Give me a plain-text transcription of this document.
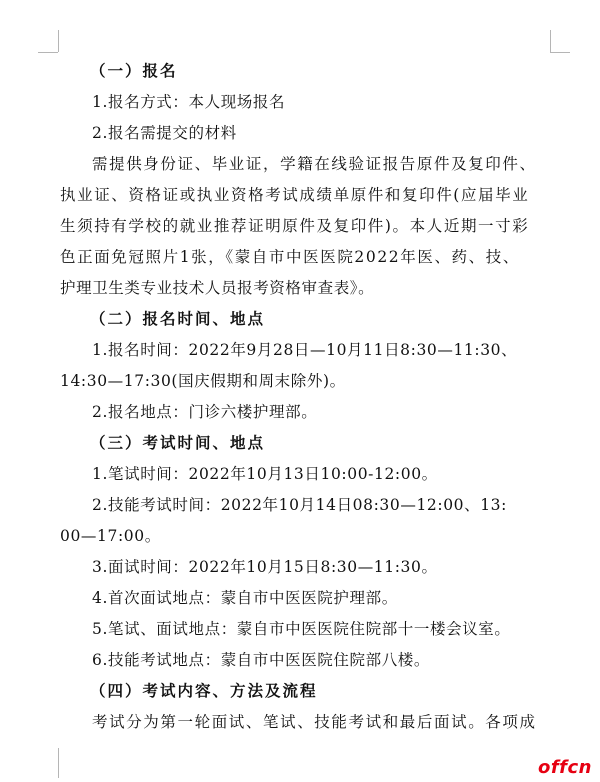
（一）报名
1.报名方式：本人现场报名
2.报名需提交的材料
需提供身份证、毕业证，学籍在线验证报告原件及复印件、
执业证、资格证或执业资格考试成绩单原件和复印件(应届毕业
生须持有学校的就业推荐证明原件及复印件)。本人近期一寸彩
色正面免冠照片1张，《蒙自市中医医院2022年医、药、技、
护理卫生类专业技术人员报考资格审查表》。
（二）报名时间、地点
1.报名时间：2022年9月28日—10月11日8:30—11:30、
14:30—17:30(国庆假期和周末除外)。
2.报名地点：门诊六楼护理部。
（三）考试时间、地点
1.笔试时间：2022年10月13日10:00-12:00。
2.技能考试时间：2022年10月14日08:30—12:00、13:
00—17:00。
3.面试时间：2022年10月15日8:30—11:30。
4.首次面试地点：蒙自市中医医院护理部。
5.笔试、面试地点：蒙自市中医医院住院部十一楼会议室。
6.技能考试地点：蒙自市中医医院住院部八楼。
（四）考试内容、方法及流程
考试分为第一轮面试、笔试、技能考试和最后面试。各项成
offcn
